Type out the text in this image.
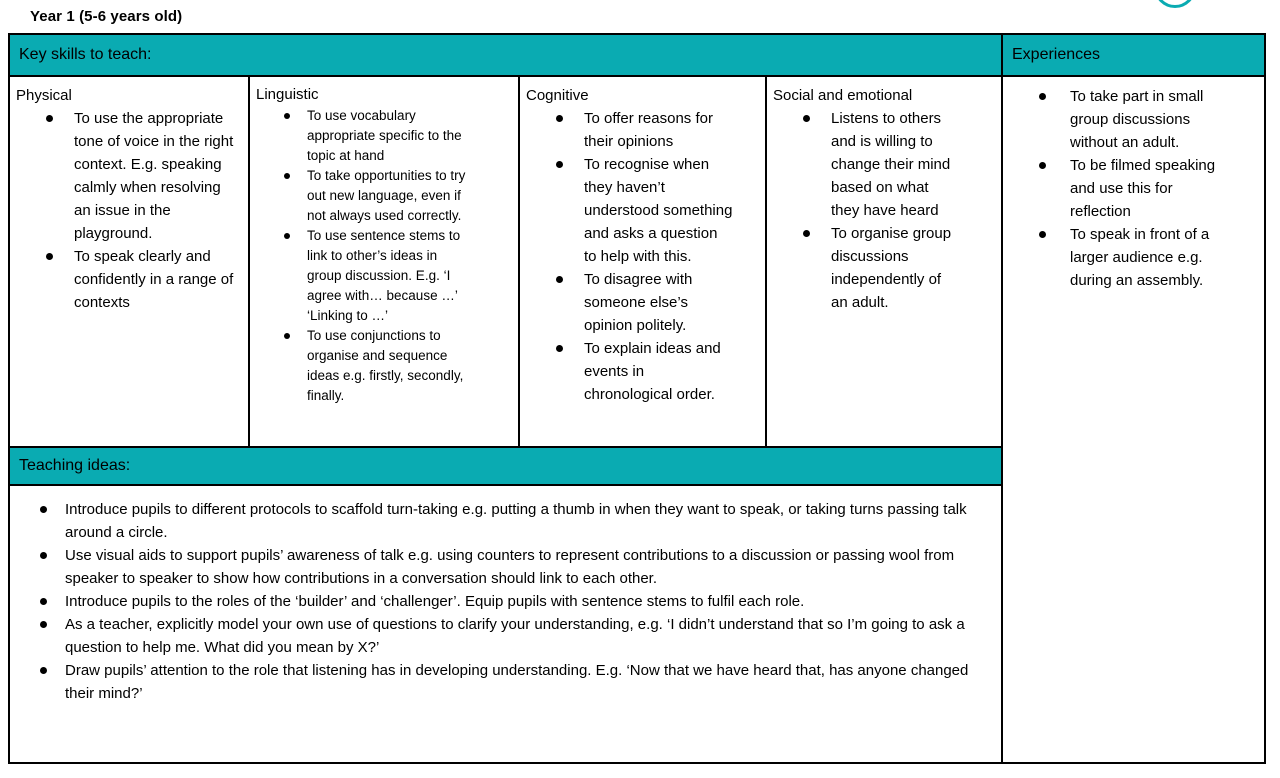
Year 1 (5-6 years old)
Key skills to teach:	Experiences
Physical
To use the appropriate tone of voice in the right context. E.g. speaking calmly when resolving an issue in the playground.
To speak clearly and confidently in a range of contexts
Linguistic
To use vocabulary appropriate specific to the topic at hand
To take opportunities to try out new language, even if not always used correctly.
To use sentence stems to link to other’s ideas in group discussion. E.g. ‘I agree with… because …’ ‘Linking to …’
To use conjunctions to organise and sequence ideas e.g. firstly, secondly, finally.
Cognitive
To offer reasons for their opinions
To recognise when they haven’t understood something and asks a question to help with this.
To disagree with someone else’s opinion politely.
To explain ideas and events in chronological order.
Social and emotional
Listens to others and is willing to change their mind based on what they have heard
To organise group discussions independently of an adult.
To take part in small group discussions without an adult.
To be filmed speaking and use this for reflection
To speak in front of a larger audience e.g. during an assembly.
Teaching ideas:
Introduce pupils to different protocols to scaffold turn-taking e.g. putting a thumb in when they want to speak, or taking turns passing talk around a circle.
Use visual aids to support pupils’ awareness of talk e.g. using counters to represent contributions to a discussion or passing wool from speaker to speaker to show how contributions in a conversation should link to each other.
Introduce pupils to the roles of the ‘builder’ and ‘challenger’. Equip pupils with sentence stems to fulfil each role.
As a teacher, explicitly model your own use of questions to clarify your understanding, e.g. ‘I didn’t understand that so I’m going to ask a question to help me. What did you mean by X?’
Draw pupils’ attention to the role that listening has in developing understanding. E.g. ‘Now that we have heard that, has anyone changed their mind?’
